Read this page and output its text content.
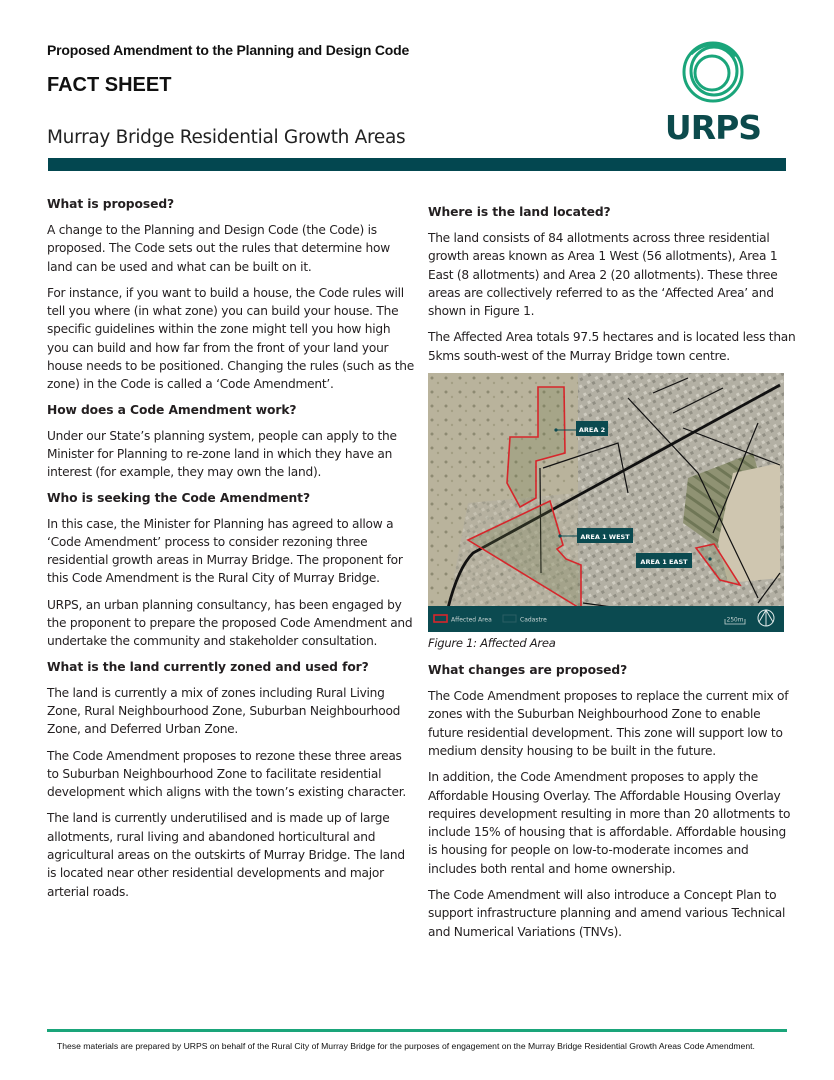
Proposed Amendment to the Planning and Design Code
FACT SHEET
Murray Bridge Residential Growth Areas	URPS
What is proposed?

A change to the Planning and Design Code (the Code) is proposed. The Code sets out the rules that determine how land can be used and what can be built on it.

For instance, if you want to build a house, the Code rules will tell you where (in what zone) you can build your house. The specific guidelines within the zone might tell you how high you can build and how far from the front of your land your house needs to be positioned. Changing the rules (such as the zone) in the Code is called a ‘Code Amendment’.

How does a Code Amendment work?

Under our State’s planning system, people can apply to the Minister for Planning to re-zone land in which they have an interest (for example, they may own the land).

Who is seeking the Code Amendment?

In this case, the Minister for Planning has agreed to allow a ‘Code Amendment’ process to consider rezoning three residential growth areas in Murray Bridge. The proponent for this Code Amendment is the Rural City of Murray Bridge.

URPS, an urban planning consultancy, has been engaged by the proponent to prepare the proposed Code Amendment and undertake the community and stakeholder consultation.

What is the land currently zoned and used for?

The land is currently a mix of zones including Rural Living Zone, Rural Neighbourhood Zone, Suburban Neighbourhood Zone, and Deferred Urban Zone.

The Code Amendment proposes to rezone these three areas to Suburban Neighbourhood Zone to facilitate residential development which aligns with the town’s existing character.

The land is currently underutilised and is made up of large allotments, rural living and abandoned horticultural and agricultural areas on the outskirts of Murray Bridge. The land is located near other residential developments and major arterial roads.

Where is the land located?

The land consists of 84 allotments across three residential growth areas known as Area 1 West (56 allotments), Area 1 East (8 allotments) and Area 2 (20 allotments). These three areas are collectively referred to as the ‘Affected Area’ and shown in Figure 1.

The Affected Area totals 97.5 hectares and is located less than 5kms south-west of the Murray Bridge town centre.

AREA 2
AREA 1 WEST
AREA 1 EAST
Affected Area	Cadastre	250m
Figure 1: Affected Area
What changes are proposed?

The Code Amendment proposes to replace the current mix of zones with the Suburban Neighbourhood Zone to enable future residential development. This zone will support low to medium density housing to be built in the future.

In addition, the Code Amendment proposes to apply the Affordable Housing Overlay. The Affordable Housing Overlay requires development resulting in more than 20 allotments to include 15% of housing that is affordable. Affordable housing is housing for people on low-to-moderate incomes and includes both rental and home ownership.

The Code Amendment will also introduce a Concept Plan to support infrastructure planning and amend various Technical and Numerical Variations (TNVs).

These materials are prepared by URPS on behalf of the Rural City of Murray Bridge for the purposes of engagement on the Murray Bridge Residential Growth Areas Code Amendment.
